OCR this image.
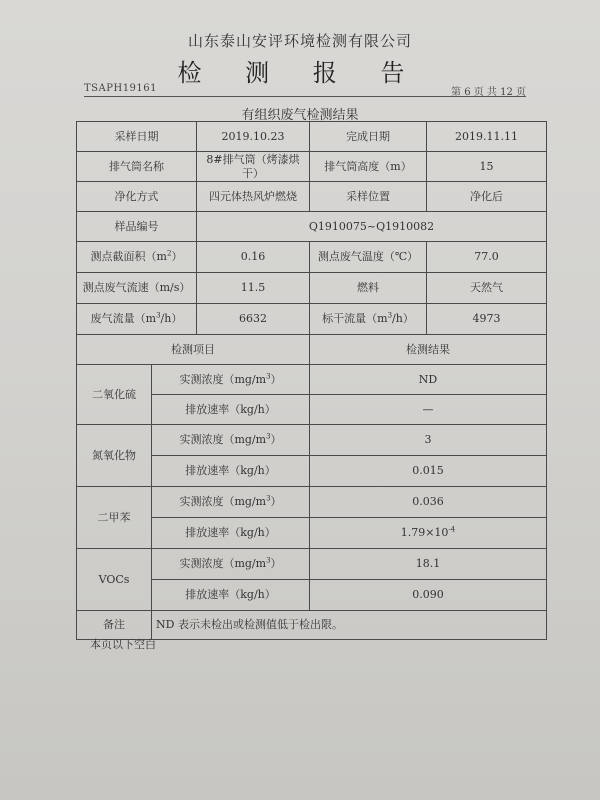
山东泰山安评环境检测有限公司
检 测 报 告
TSAPH19161	第 6 页 共 12 页
有组织废气检测结果
采样日期		2019.10.23	完成日期	2019.11.11
排气筒名称		8#排气筒（烤漆烘干）	排气筒高度（m）	15
净化方式		四元体热风炉燃烧	采样位置	净化后
样品编号		Q1910075~Q1910082		
测点截面积$(m^2)$		0.16	测点废气温度（℃）	77.0
测点废气流速（m/s）		11.5	燃料	天然气
废气流量$(m^3/h)$		6632	标干流量$(m^3/h)$	4973
检测项目			检测结果	
二氧化硫	实测浓度$(mg/m^3)$		ND	
	排放速率（kg/h）		—	
氮氧化物	实测浓度$(mg/m^3)$		3	
	排放速率（kg/h）		0.015	
二甲苯	实测浓度$(mg/m^3)$		0.036	
	排放速率（kg/h）		$1.79\times 10^{-4}$
VOCs	实测浓度$(mg/m^3)$		18.1	
	排放速率（kg/h）		0.090	
备注	ND 表示未检出或检测值低于检出限。			
本页以下空白
